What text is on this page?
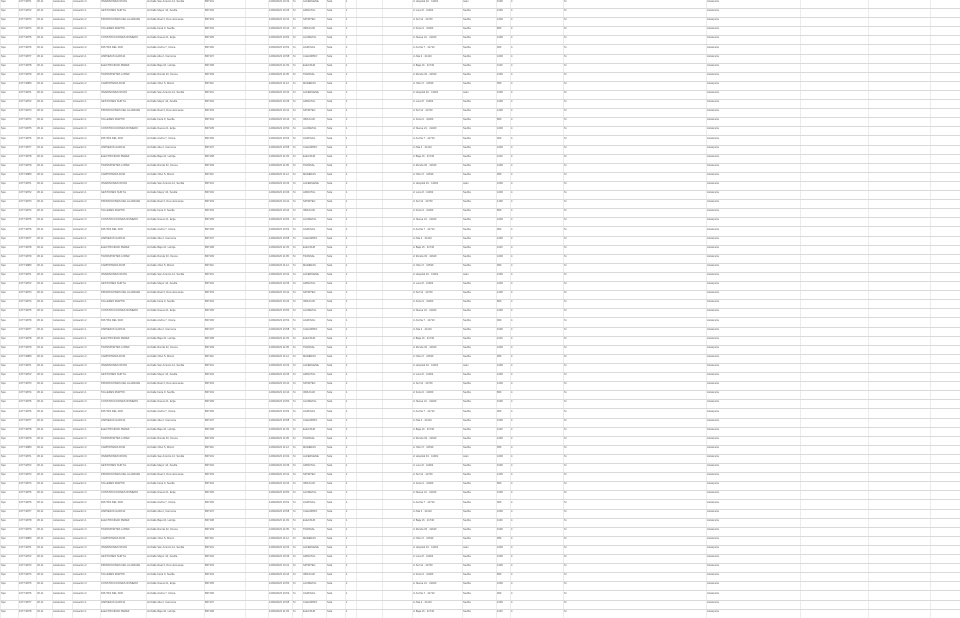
Spa	1077-9871	30.11	Asistentes	Actuación 3	INVERSIONES RIVAS	Av/Calle San Antonio 12, Sevilla	B07101	12/09/2023 10:32	Sí	ALFERGENE	Sola	1	c/ Hospital 34 · 41001	Jaén	1000	4	Sí	Asistencia
Spa	1077-9872	30.11	Asistentes	Actuación 1	GESTIONES SUR SL	Av/Calle Mayor 44, Sevilla	B07102	12/09/2023 10:36	Sí	AMAVITAL	Sola	1	c/ Luna 8 · 41002	Sevilla	1000	4	Sí	Asistencia
Spa	1077-9873	30.11	Asistentes	Actuación 2	PROMOCIONES DEL ALJARAFE	Av/Calle Real 3, Dos Hermanas	B07103	12/09/2023 10:41	Sí	SPORTEC	Sola	1	c/ Sol 14 · 41700	Sevilla	1200	4	Sí	Asistencia
Spa	1077-9874	30.11	Asistentes	Actuación 1	TALLERES MARTÍN	Av/Calle Feria 9, Sevilla	B07104	12/09/2023 10:44	Sí	INDUCAR	Sola	1	c/ Feria 9 · 41003	Sevilla	800	4	Sí	Asistencia
Spa	1077-9875	30.11	Asistentes	Actuación 3	CONSTRUCCIONES ROMERO	Av/Calle Nueva 21, Écija	B07105	12/09/2023 10:50	Sí	ALUMETAL	Sola	1	c/ Nueva 21 · 41400	Sevilla	1000	4	Sí	Asistencia
Spa	1077-9876	30.11	Asistentes	Actuación 2	FRUTAS DEL SUR	Av/Calle Ancha 7, Utrera	B07106	12/09/2023 10:52	Sí	AGROVAL	Sola	1	c/ Ancha 7 · 41710	Sevilla	900	4	Sí	Asistencia
Spa	1077-9877	30.11	Asistentes	Actuación 1	LIMPIEZAS GARCÍA	Av/Calle Alta 2, Carmona	B07107	12/09/2023 10:58	Sí	CLEANPRO	Sola	1	c/ Alta 2 · 41410	Sevilla	1000	4	Sí	Asistencia
Spa	1077-9878	30.11	Asistentes	Actuación 1	ELECTRICIDAD PÉREZ	Av/Calle Baja 16, Lebrija	B07108	12/09/2023 11:03	Sí	ELECSUR	Sola	1	c/ Baja 16 · 41740	Sevilla	1100	4	Sí	Asistencia
Spa	1077-9879	30.11	Asistentes	Actuación 3	TRANSPORTES LÓPEZ	Av/Calle Ronda 33, Osuna	B07109	12/09/2023 11:05	Sí	TRANSAL	Sola	1	c/ Ronda 33 · 41640	Sevilla	1000	4	Sí	Asistencia
Spa	1077-9880	30.11	Asistentes	Actuación 2	CARPINTERÍA RUIZ	Av/Calle Olivo 5, Morón	B07110	12/09/2023 11:12	Sí	MADERAS	Sola	1	c/ Olivo 5 · 41530	Sevilla	950	4	Sí	Asistencia
Spa	1077-9871	30.11	Asistentes	Actuación 3	INVERSIONES RIVAS	Av/Calle San Antonio 12, Sevilla	B07101	12/09/2023 10:32	Sí	ALFERGENE	Sola	1	c/ Hospital 34 · 41001	Jaén	1000	4	Sí	Asistencia
Spa	1077-9872	30.11	Asistentes	Actuación 1	GESTIONES SUR SL	Av/Calle Mayor 44, Sevilla	B07102	12/09/2023 10:36	Sí	AMAVITAL	Sola	1	c/ Luna 8 · 41002	Sevilla	1000	4	Sí	Asistencia
Spa	1077-9873	30.11	Asistentes	Actuación 2	PROMOCIONES DEL ALJARAFE	Av/Calle Real 3, Dos Hermanas	B07103	12/09/2023 10:41	Sí	SPORTEC	Sola	1	c/ Sol 14 · 41700	Sevilla	1200	4	Sí	Asistencia
Spa	1077-9874	30.11	Asistentes	Actuación 1	TALLERES MARTÍN	Av/Calle Feria 9, Sevilla	B07104	12/09/2023 10:44	Sí	INDUCAR	Sola	1	c/ Feria 9 · 41003	Sevilla	800	4	Sí	Asistencia
Spa	1077-9875	30.11	Asistentes	Actuación 3	CONSTRUCCIONES ROMERO	Av/Calle Nueva 21, Écija	B07105	12/09/2023 10:50	Sí	ALUMETAL	Sola	1	c/ Nueva 21 · 41400	Sevilla	1000	4	Sí	Asistencia
Spa	1077-9876	30.11	Asistentes	Actuación 2	FRUTAS DEL SUR	Av/Calle Ancha 7, Utrera	B07106	12/09/2023 10:52	Sí	AGROVAL	Sola	1	c/ Ancha 7 · 41710	Sevilla	900	4	Sí	Asistencia
Spa	1077-9877	30.11	Asistentes	Actuación 1	LIMPIEZAS GARCÍA	Av/Calle Alta 2, Carmona	B07107	12/09/2023 10:58	Sí	CLEANPRO	Sola	1	c/ Alta 2 · 41410	Sevilla	1000	4	Sí	Asistencia
Spa	1077-9878	30.11	Asistentes	Actuación 1	ELECTRICIDAD PÉREZ	Av/Calle Baja 16, Lebrija	B07108	12/09/2023 11:03	Sí	ELECSUR	Sola	1	c/ Baja 16 · 41740	Sevilla	1100	4	Sí	Asistencia
Spa	1077-9879	30.11	Asistentes	Actuación 3	TRANSPORTES LÓPEZ	Av/Calle Ronda 33, Osuna	B07109	12/09/2023 11:05	Sí	TRANSAL	Sola	1	c/ Ronda 33 · 41640	Sevilla	1000	4	Sí	Asistencia
Spa	1077-9880	30.11	Asistentes	Actuación 2	CARPINTERÍA RUIZ	Av/Calle Olivo 5, Morón	B07110	12/09/2023 11:12	Sí	MADERAS	Sola	1	c/ Olivo 5 · 41530	Sevilla	950	4	Sí	Asistencia
Spa	1077-9871	30.11	Asistentes	Actuación 3	INVERSIONES RIVAS	Av/Calle San Antonio 12, Sevilla	B07101	12/09/2023 10:32	Sí	ALFERGENE	Sola	1	c/ Hospital 34 · 41001	Jaén	1000	4	Sí	Asistencia
Spa	1077-9872	30.11	Asistentes	Actuación 1	GESTIONES SUR SL	Av/Calle Mayor 44, Sevilla	B07102	12/09/2023 10:36	Sí	AMAVITAL	Sola	1	c/ Luna 8 · 41002	Sevilla	1000	4	Sí	Asistencia
Spa	1077-9873	30.11	Asistentes	Actuación 2	PROMOCIONES DEL ALJARAFE	Av/Calle Real 3, Dos Hermanas	B07103	12/09/2023 10:41	Sí	SPORTEC	Sola	1	c/ Sol 14 · 41700	Sevilla	1200	4	Sí	Asistencia
Spa	1077-9874	30.11	Asistentes	Actuación 1	TALLERES MARTÍN	Av/Calle Feria 9, Sevilla	B07104	12/09/2023 10:44	Sí	INDUCAR	Sola	1	c/ Feria 9 · 41003	Sevilla	800	4	Sí	Asistencia
Spa	1077-9875	30.11	Asistentes	Actuación 3	CONSTRUCCIONES ROMERO	Av/Calle Nueva 21, Écija	B07105	12/09/2023 10:50	Sí	ALUMETAL	Sola	1	c/ Nueva 21 · 41400	Sevilla	1000	4	Sí	Asistencia
Spa	1077-9876	30.11	Asistentes	Actuación 2	FRUTAS DEL SUR	Av/Calle Ancha 7, Utrera	B07106	12/09/2023 10:52	Sí	AGROVAL	Sola	1	c/ Ancha 7 · 41710	Sevilla	900	4	Sí	Asistencia
Spa	1077-9877	30.11	Asistentes	Actuación 1	LIMPIEZAS GARCÍA	Av/Calle Alta 2, Carmona	B07107	12/09/2023 10:58	Sí	CLEANPRO	Sola	1	c/ Alta 2 · 41410	Sevilla	1000	4	Sí	Asistencia
Spa	1077-9878	30.11	Asistentes	Actuación 1	ELECTRICIDAD PÉREZ	Av/Calle Baja 16, Lebrija	B07108	12/09/2023 11:03	Sí	ELECSUR	Sola	1	c/ Baja 16 · 41740	Sevilla	1100	4	Sí	Asistencia
Spa	1077-9879	30.11	Asistentes	Actuación 3	TRANSPORTES LÓPEZ	Av/Calle Ronda 33, Osuna	B07109	12/09/2023 11:05	Sí	TRANSAL	Sola	1	c/ Ronda 33 · 41640	Sevilla	1000	4	Sí	Asistencia
Spa	1077-9880	30.11	Asistentes	Actuación 2	CARPINTERÍA RUIZ	Av/Calle Olivo 5, Morón	B07110	12/09/2023 11:12	Sí	MADERAS	Sola	1	c/ Olivo 5 · 41530	Sevilla	950	4	Sí	Asistencia
Spa	1077-9871	30.11	Asistentes	Actuación 3	INVERSIONES RIVAS	Av/Calle San Antonio 12, Sevilla	B07101	12/09/2023 10:32	Sí	ALFERGENE	Sola	1	c/ Hospital 34 · 41001	Jaén	1000	4	Sí	Asistencia
Spa	1077-9872	30.11	Asistentes	Actuación 1	GESTIONES SUR SL	Av/Calle Mayor 44, Sevilla	B07102	12/09/2023 10:36	Sí	AMAVITAL	Sola	1	c/ Luna 8 · 41002	Sevilla	1000	4	Sí	Asistencia
Spa	1077-9873	30.11	Asistentes	Actuación 2	PROMOCIONES DEL ALJARAFE	Av/Calle Real 3, Dos Hermanas	B07103	12/09/2023 10:41	Sí	SPORTEC	Sola	1	c/ Sol 14 · 41700	Sevilla	1200	4	Sí	Asistencia
Spa	1077-9874	30.11	Asistentes	Actuación 1	TALLERES MARTÍN	Av/Calle Feria 9, Sevilla	B07104	12/09/2023 10:44	Sí	INDUCAR	Sola	1	c/ Feria 9 · 41003	Sevilla	800	4	Sí	Asistencia
Spa	1077-9875	30.11	Asistentes	Actuación 3	CONSTRUCCIONES ROMERO	Av/Calle Nueva 21, Écija	B07105	12/09/2023 10:50	Sí	ALUMETAL	Sola	1	c/ Nueva 21 · 41400	Sevilla	1000	4	Sí	Asistencia
Spa	1077-9876	30.11	Asistentes	Actuación 2	FRUTAS DEL SUR	Av/Calle Ancha 7, Utrera	B07106	12/09/2023 10:52	Sí	AGROVAL	Sola	1	c/ Ancha 7 · 41710	Sevilla	900	4	Sí	Asistencia
Spa	1077-9877	30.11	Asistentes	Actuación 1	LIMPIEZAS GARCÍA	Av/Calle Alta 2, Carmona	B07107	12/09/2023 10:58	Sí	CLEANPRO	Sola	1	c/ Alta 2 · 41410	Sevilla	1000	4	Sí	Asistencia
Spa	1077-9878	30.11	Asistentes	Actuación 1	ELECTRICIDAD PÉREZ	Av/Calle Baja 16, Lebrija	B07108	12/09/2023 11:03	Sí	ELECSUR	Sola	1	c/ Baja 16 · 41740	Sevilla	1100	4	Sí	Asistencia
Spa	1077-9879	30.11	Asistentes	Actuación 3	TRANSPORTES LÓPEZ	Av/Calle Ronda 33, Osuna	B07109	12/09/2023 11:05	Sí	TRANSAL	Sola	1	c/ Ronda 33 · 41640	Sevilla	1000	4	Sí	Asistencia
Spa	1077-9880	30.11	Asistentes	Actuación 2	CARPINTERÍA RUIZ	Av/Calle Olivo 5, Morón	B07110	12/09/2023 11:12	Sí	MADERAS	Sola	1	c/ Olivo 5 · 41530	Sevilla	950	4	Sí	Asistencia
Spa	1077-9871	30.11	Asistentes	Actuación 3	INVERSIONES RIVAS	Av/Calle San Antonio 12, Sevilla	B07101	12/09/2023 10:32	Sí	ALFERGENE	Sola	1	c/ Hospital 34 · 41001	Jaén	1000	4	Sí	Asistencia
Spa	1077-9872	30.11	Asistentes	Actuación 1	GESTIONES SUR SL	Av/Calle Mayor 44, Sevilla	B07102	12/09/2023 10:36	Sí	AMAVITAL	Sola	1	c/ Luna 8 · 41002	Sevilla	1000	4	Sí	Asistencia
Spa	1077-9873	30.11	Asistentes	Actuación 2	PROMOCIONES DEL ALJARAFE	Av/Calle Real 3, Dos Hermanas	B07103	12/09/2023 10:41	Sí	SPORTEC	Sola	1	c/ Sol 14 · 41700	Sevilla	1200	4	Sí	Asistencia
Spa	1077-9874	30.11	Asistentes	Actuación 1	TALLERES MARTÍN	Av/Calle Feria 9, Sevilla	B07104	12/09/2023 10:44	Sí	INDUCAR	Sola	1	c/ Feria 9 · 41003	Sevilla	800	4	Sí	Asistencia
Spa	1077-9875	30.11	Asistentes	Actuación 3	CONSTRUCCIONES ROMERO	Av/Calle Nueva 21, Écija	B07105	12/09/2023 10:50	Sí	ALUMETAL	Sola	1	c/ Nueva 21 · 41400	Sevilla	1000	4	Sí	Asistencia
Spa	1077-9876	30.11	Asistentes	Actuación 2	FRUTAS DEL SUR	Av/Calle Ancha 7, Utrera	B07106	12/09/2023 10:52	Sí	AGROVAL	Sola	1	c/ Ancha 7 · 41710	Sevilla	900	4	Sí	Asistencia
Spa	1077-9877	30.11	Asistentes	Actuación 1	LIMPIEZAS GARCÍA	Av/Calle Alta 2, Carmona	B07107	12/09/2023 10:58	Sí	CLEANPRO	Sola	1	c/ Alta 2 · 41410	Sevilla	1000	4	Sí	Asistencia
Spa	1077-9878	30.11	Asistentes	Actuación 1	ELECTRICIDAD PÉREZ	Av/Calle Baja 16, Lebrija	B07108	12/09/2023 11:03	Sí	ELECSUR	Sola	1	c/ Baja 16 · 41740	Sevilla	1100	4	Sí	Asistencia
Spa	1077-9879	30.11	Asistentes	Actuación 3	TRANSPORTES LÓPEZ	Av/Calle Ronda 33, Osuna	B07109	12/09/2023 11:05	Sí	TRANSAL	Sola	1	c/ Ronda 33 · 41640	Sevilla	1000	4	Sí	Asistencia
Spa	1077-9880	30.11	Asistentes	Actuación 2	CARPINTERÍA RUIZ	Av/Calle Olivo 5, Morón	B07110	12/09/2023 11:12	Sí	MADERAS	Sola	1	c/ Olivo 5 · 41530	Sevilla	950	4	Sí	Asistencia
Spa	1077-9871	30.11	Asistentes	Actuación 3	INVERSIONES RIVAS	Av/Calle San Antonio 12, Sevilla	B07101	12/09/2023 10:32	Sí	ALFERGENE	Sola	1	c/ Hospital 34 · 41001	Jaén	1000	4	Sí	Asistencia
Spa	1077-9872	30.11	Asistentes	Actuación 1	GESTIONES SUR SL	Av/Calle Mayor 44, Sevilla	B07102	12/09/2023 10:36	Sí	AMAVITAL	Sola	1	c/ Luna 8 · 41002	Sevilla	1000	4	Sí	Asistencia
Spa	1077-9873	30.11	Asistentes	Actuación 2	PROMOCIONES DEL ALJARAFE	Av/Calle Real 3, Dos Hermanas	B07103	12/09/2023 10:41	Sí	SPORTEC	Sola	1	c/ Sol 14 · 41700	Sevilla	1200	4	Sí	Asistencia
Spa	1077-9874	30.11	Asistentes	Actuación 1	TALLERES MARTÍN	Av/Calle Feria 9, Sevilla	B07104	12/09/2023 10:44	Sí	INDUCAR	Sola	1	c/ Feria 9 · 41003	Sevilla	800	4	Sí	Asistencia
Spa	1077-9875	30.11	Asistentes	Actuación 3	CONSTRUCCIONES ROMERO	Av/Calle Nueva 21, Écija	B07105	12/09/2023 10:50	Sí	ALUMETAL	Sola	1	c/ Nueva 21 · 41400	Sevilla	1000	4	Sí	Asistencia
Spa	1077-9876	30.11	Asistentes	Actuación 2	FRUTAS DEL SUR	Av/Calle Ancha 7, Utrera	B07106	12/09/2023 10:52	Sí	AGROVAL	Sola	1	c/ Ancha 7 · 41710	Sevilla	900	4	Sí	Asistencia
Spa	1077-9877	30.11	Asistentes	Actuación 1	LIMPIEZAS GARCÍA	Av/Calle Alta 2, Carmona	B07107	12/09/2023 10:58	Sí	CLEANPRO	Sola	1	c/ Alta 2 · 41410	Sevilla	1000	4	Sí	Asistencia
Spa	1077-9878	30.11	Asistentes	Actuación 1	ELECTRICIDAD PÉREZ	Av/Calle Baja 16, Lebrija	B07108	12/09/2023 11:03	Sí	ELECSUR	Sola	1	c/ Baja 16 · 41740	Sevilla	1100	4	Sí	Asistencia
Spa	1077-9879	30.11	Asistentes	Actuación 3	TRANSPORTES LÓPEZ	Av/Calle Ronda 33, Osuna	B07109	12/09/2023 11:05	Sí	TRANSAL	Sola	1	c/ Ronda 33 · 41640	Sevilla	1000	4	Sí	Asistencia
Spa	1077-9880	30.11	Asistentes	Actuación 2	CARPINTERÍA RUIZ	Av/Calle Olivo 5, Morón	B07110	12/09/2023 11:12	Sí	MADERAS	Sola	1	c/ Olivo 5 · 41530	Sevilla	950	4	Sí	Asistencia
Spa	1077-9871	30.11	Asistentes	Actuación 3	INVERSIONES RIVAS	Av/Calle San Antonio 12, Sevilla	B07101	12/09/2023 10:32	Sí	ALFERGENE	Sola	1	c/ Hospital 34 · 41001	Jaén	1000	4	Sí	Asistencia
Spa	1077-9872	30.11	Asistentes	Actuación 1	GESTIONES SUR SL	Av/Calle Mayor 44, Sevilla	B07102	12/09/2023 10:36	Sí	AMAVITAL	Sola	1	c/ Luna 8 · 41002	Sevilla	1000	4	Sí	Asistencia
Spa	1077-9873	30.11	Asistentes	Actuación 2	PROMOCIONES DEL ALJARAFE	Av/Calle Real 3, Dos Hermanas	B07103	12/09/2023 10:41	Sí	SPORTEC	Sola	1	c/ Sol 14 · 41700	Sevilla	1200	4	Sí	Asistencia
Spa	1077-9874	30.11	Asistentes	Actuación 1	TALLERES MARTÍN	Av/Calle Feria 9, Sevilla	B07104	12/09/2023 10:44	Sí	INDUCAR	Sola	1	c/ Feria 9 · 41003	Sevilla	800	4	Sí	Asistencia
Spa	1077-9875	30.11	Asistentes	Actuación 3	CONSTRUCCIONES ROMERO	Av/Calle Nueva 21, Écija	B07105	12/09/2023 10:50	Sí	ALUMETAL	Sola	1	c/ Nueva 21 · 41400	Sevilla	1000	4	Sí	Asistencia
Spa	1077-9876	30.11	Asistentes	Actuación 2	FRUTAS DEL SUR	Av/Calle Ancha 7, Utrera	B07106	12/09/2023 10:52	Sí	AGROVAL	Sola	1	c/ Ancha 7 · 41710	Sevilla	900	4	Sí	Asistencia
Spa	1077-9877	30.11	Asistentes	Actuación 1	LIMPIEZAS GARCÍA	Av/Calle Alta 2, Carmona	B07107	12/09/2023 10:58	Sí	CLEANPRO	Sola	1	c/ Alta 2 · 41410	Sevilla	1000	4	Sí	Asistencia
Spa	1077-9878	30.11	Asistentes	Actuación 1	ELECTRICIDAD PÉREZ	Av/Calle Baja 16, Lebrija	B07108	12/09/2023 11:03	Sí	ELECSUR	Sola	1	c/ Baja 16 · 41740	Sevilla	1100	4	Sí	Asistencia
